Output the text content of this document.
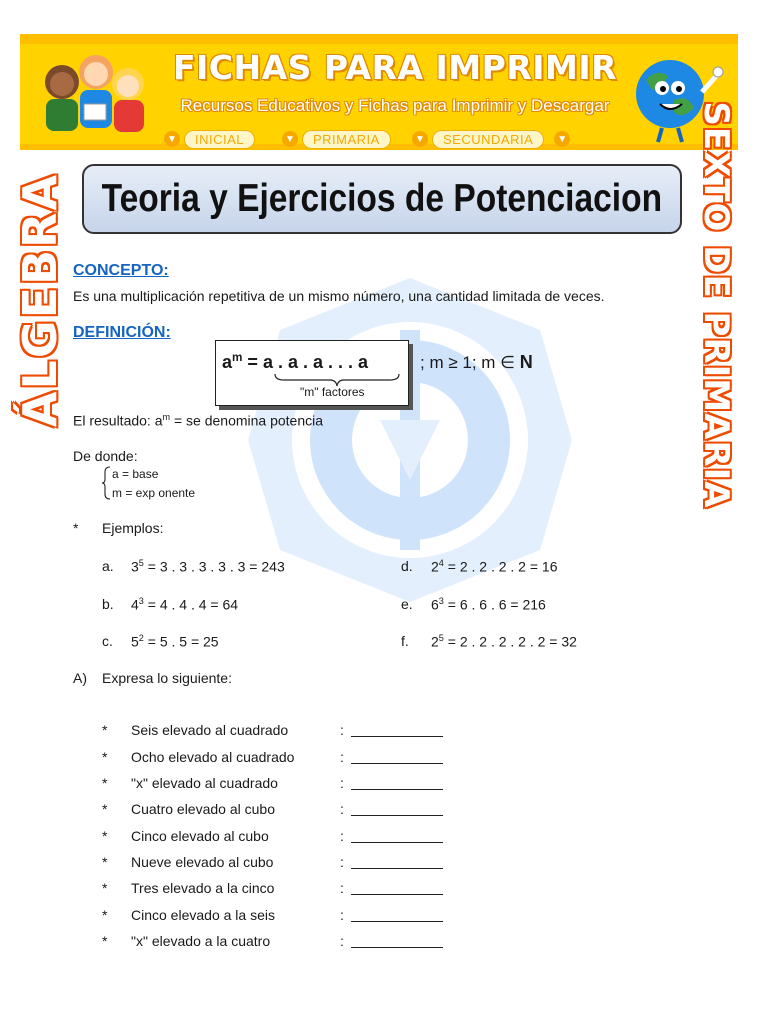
FICHAS PARA IMPRIMIR
Recursos Educativos y Fichas para Imprimir y Descargar
▼	INICIAL	▼	PRIMARIA	▼	SECUNDARIA	▼
ÁLGEBRA	SEXTO DE PRIMARIA
Teoria y Ejercicios de Potenciacion
CONCEPTO:
Es una multiplicación repetitiva de un mismo número, una cantidad limitada de veces.
DEFINICIÓN:
$a^m = a$ . a . a . . . a
"m" factores
; m ≥ 1; m ∈ N
El resultado: $a^m$ = se denomina potencia
De donde:
a = base
m = exp onente
* Ejemplos:
a. $3^5 = 3$ . 3 . 3 . 3 . 3 = 243
b. $4^3 = 4$ . 4 . 4 = 64
c. $5^2 = 5$ . 5 = 25
d. $2^4 = 2$ . 2 . 2 . 2 = 16
e. $6^3 = 6$ . 6 . 6 = 216
f. $2^5 = 2$ . 2 . 2 . 2 . 2 = 32
A) Expresa lo siguiente:
* Seis elevado al cuadrado	:
* Ocho elevado al cuadrado	:
* "x" elevado al cuadrado	:
* Cuatro elevado al cubo	:
* Cinco elevado al cubo	:
* Nueve elevado al cubo	:
* Tres elevado a la cinco	:
* Cinco elevado a la seis	:
* "x" elevado a la cuatro	:
